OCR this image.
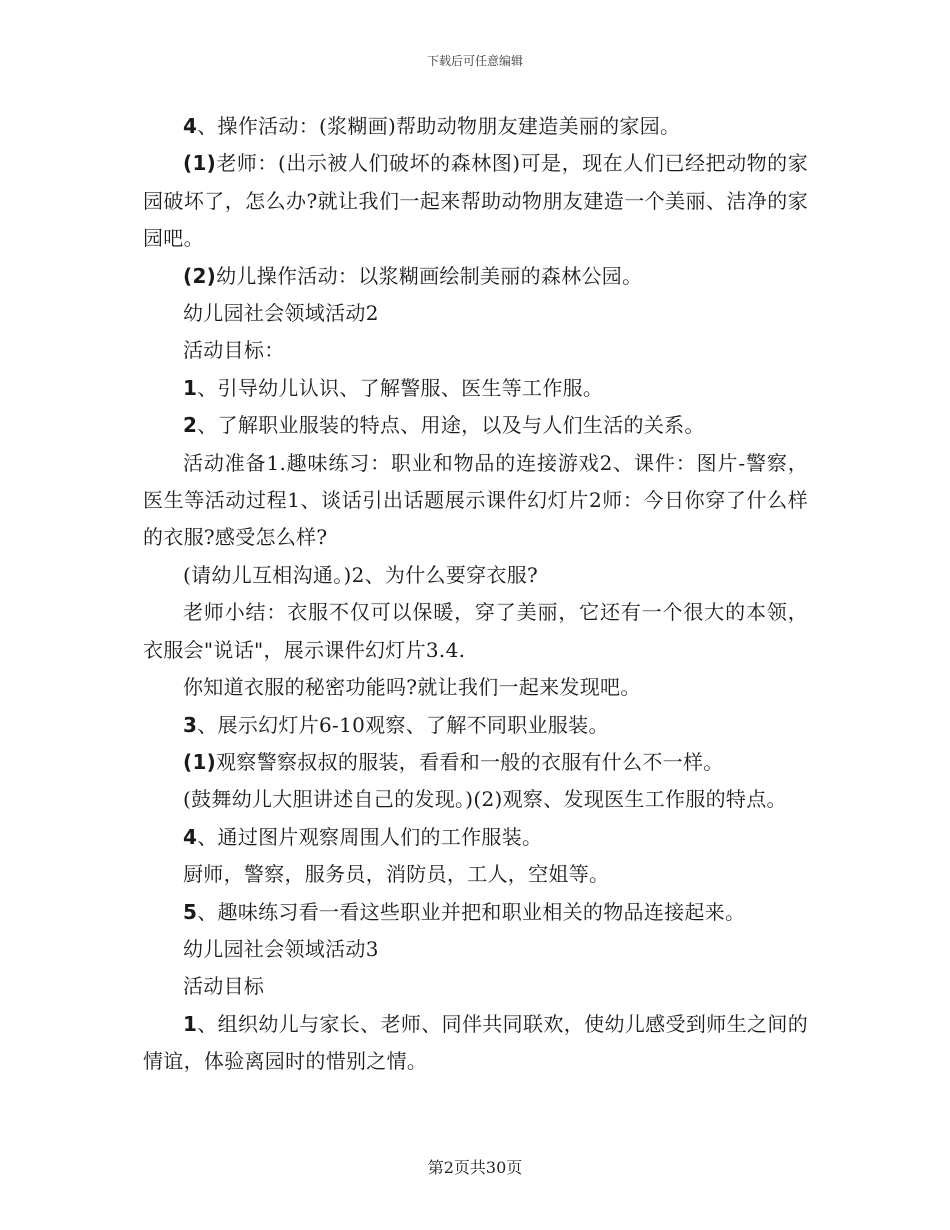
下载后可任意编辑

4、操作活动：(浆糊画)帮助动物朋友建造美丽的家园。

(1)老师：(出示被人们破坏的森林图)可是，现在人们已经把动物的家园破坏了，怎么办?就让我们一起来帮助动物朋友建造一个美丽、洁净的家园吧。

(2)幼儿操作活动：以浆糊画绘制美丽的森林公园。

幼儿园社会领域活动2

活动目标：

1、引导幼儿认识、了解警服、医生等工作服。

2、了解职业服装的特点、用途，以及与人们生活的关系。

活动准备1.趣味练习：职业和物品的连接游戏2、课件：图片-警察，医生等活动过程1、谈话引出话题展示课件幻灯片2师：今日你穿了什么样的衣服?感受怎么样?

(请幼儿互相沟通。)2、为什么要穿衣服?

老师小结：衣服不仅可以保暖，穿了美丽，它还有一个很大的本领，衣服会"说话"，展示课件幻灯片3.4.

你知道衣服的秘密功能吗?就让我们一起来发现吧。

3、展示幻灯片6-10观察、了解不同职业服装。

(1)观察警察叔叔的服装，看看和一般的衣服有什么不一样。

(鼓舞幼儿大胆讲述自己的发现。)(2)观察、发现医生工作服的特点。

4、通过图片观察周围人们的工作服装。

厨师，警察，服务员，消防员，工人，空姐等。

5、趣味练习看一看这些职业并把和职业相关的物品连接起来。

幼儿园社会领域活动3

活动目标

1、组织幼儿与家长、老师、同伴共同联欢，使幼儿感受到师生之间的情谊，体验离园时的惜别之情。

第2页共30页
